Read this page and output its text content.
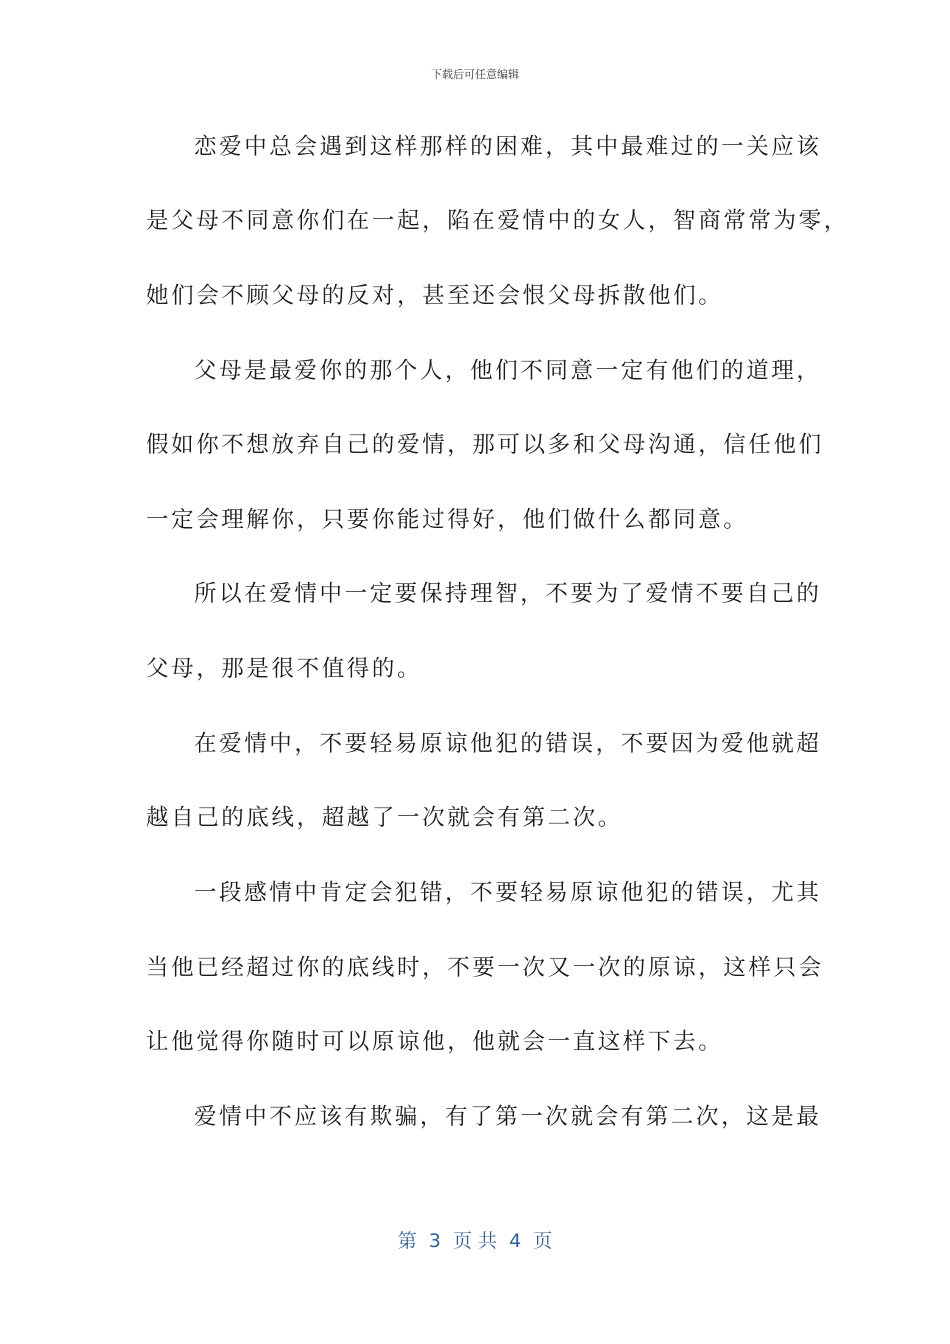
下载后可任意编辑
恋爱中总会遇到这样那样的困难，其中最难过的一关应该
是父母不同意你们在一起，陷在爱情中的女人，智商常常为零，
她们会不顾父母的反对，甚至还会恨父母拆散他们。
父母是最爱你的那个人，他们不同意一定有他们的道理，
假如你不想放弃自己的爱情，那可以多和父母沟通，信任他们
一定会理解你，只要你能过得好，他们做什么都同意。
所以在爱情中一定要保持理智，不要为了爱情不要自己的
父母，那是很不值得的。
在爱情中，不要轻易原谅他犯的错误，不要因为爱他就超
越自己的底线，超越了一次就会有第二次。
一段感情中肯定会犯错，不要轻易原谅他犯的错误，尤其
当他已经超过你的底线时，不要一次又一次的原谅，这样只会
让他觉得你随时可以原谅他，他就会一直这样下去。
爱情中不应该有欺骗，有了第一次就会有第二次，这是最
第  3  页 共  4  页
